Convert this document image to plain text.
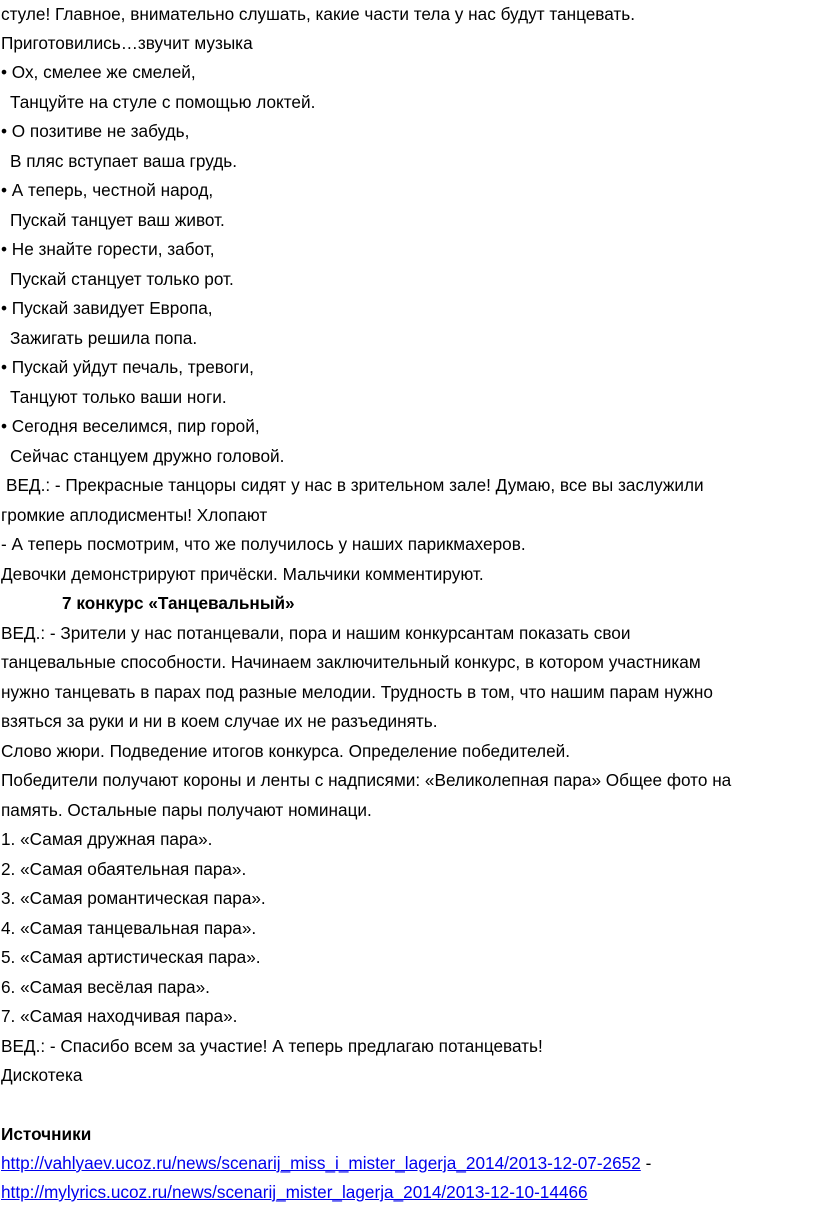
стуле! Главное, внимательно слушать, какие части тела у нас будут танцевать.
Приготовились…звучит музыка
• Ох, смелее же смелей,
Танцуйте на стуле с помощью локтей.
• О позитиве не забудь,
В пляс вступает ваша грудь.
• А теперь, честной народ,
Пускай танцует ваш живот.
• Не знайте горести, забот,
Пускай станцует только рот.
• Пускай завидует Европа,
Зажигать решила попа.
• Пускай уйдут печаль, тревоги,
Танцуют только ваши ноги.
• Сегодня веселимся, пир горой,
Сейчас станцуем дружно головой.
ВЕД.: - Прекрасные танцоры сидят у нас в зрительном зале! Думаю, все вы заслужили
громкие аплодисменты! Хлопают
- А теперь посмотрим, что же получилось у наших парикмахеров.
Девочки демонстрируют причёски. Мальчики комментируют.
7 конкурс «Танцевальный»
ВЕД.: - Зрители у нас потанцевали, пора и нашим конкурсантам показать свои
танцевальные способности. Начинаем заключительный конкурс, в котором участникам
нужно танцевать в парах под разные мелодии. Трудность в том, что нашим парам нужно
взяться за руки и ни в коем случае их не разъединять.
Слово жюри. Подведение итогов конкурса. Определение победителей.
Победители получают короны и ленты с надписями: «Великолепная пара» Общее фото на
память. Остальные пары получают номинаци.
1. «Самая дружная пара».
2. «Самая обаятельная пара».
3. «Самая романтическая пара».
4. «Самая танцевальная пара».
5. «Самая артистическая пара».
6. «Самая весёлая пара».
7. «Самая находчивая пара».
ВЕД.: - Спасибо всем за участие! А теперь предлагаю потанцевать!
Дискотека
Источники
http://vahlyaev.ucoz.ru/news/scenarij_miss_i_mister_lagerja_2014/2013-12-07-2652 -
http://mylyrics.ucoz.ru/news/scenarij_mister_lagerja_2014/2013-12-10-14466
